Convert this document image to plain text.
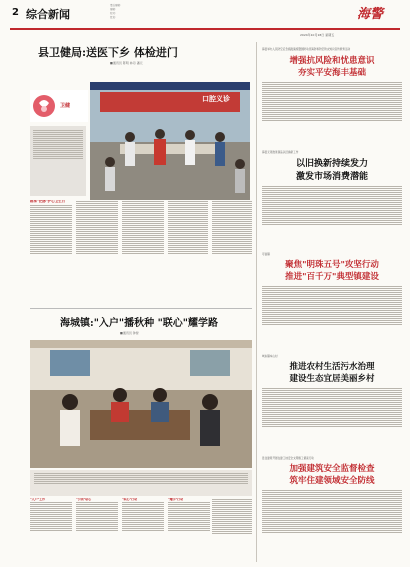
2 综合新闻
责任编辑:
编辑:
校对:
签发:	海警
2024年10月18日 星期五
县卫健局:送医下乡 体检进门
■通讯员 陈明 林丹 潘元
卫健
口腔义诊
精准"把脉"护心卫生日
海城镇:"入户"播秋种 "联心"耀学路
■通讯员 钟智
"入户"工作	"引领"联心	"联心"行动	"耀学"行动
海县举办人民防空应急疏散演练暨国防动员海防和防空防灾知识宣传教育活动
增强抗风险和忧患意识
夯实平安海丰基础
海县元宵推进商品以旧换新工作
以旧换新持续发力
激发市场消费潜能
可信镇
聚焦"明珠五号"攻坚行动
推进"百千万"典型镇建设
城东镇本山村
推进农村生活污水治理
建设生态宜居美丽乡村
县住建局开展在建工地安全文明施工督查行动
加强建筑安全监督检查
筑牢住建领域安全防线
